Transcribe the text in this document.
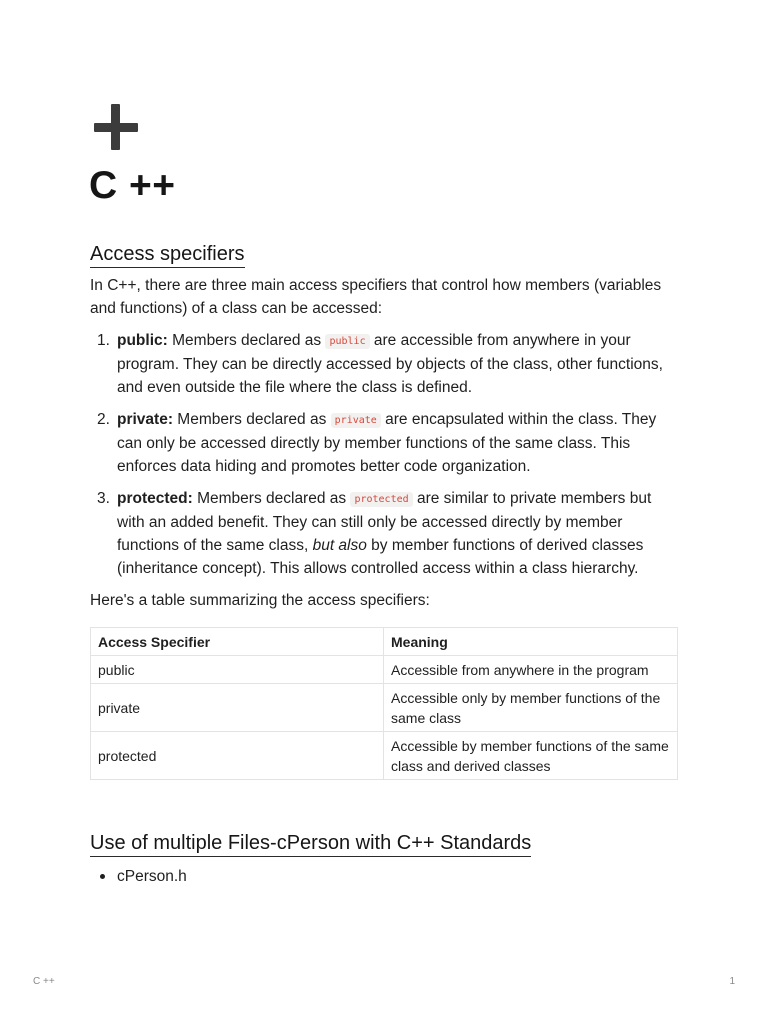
C ++
Access specifiers

In C++, there are three main access specifiers that control how members (variables and functions) of a class can be accessed:

1. public: Members declared as public are accessible from anywhere in your program. They can be directly accessed by objects of the class, other functions, and even outside the file where the class is defined.
2. private: Members declared as private are encapsulated within the class. They can only be accessed directly by member functions of the same class. This enforces data hiding and promotes better code organization.
3. protected: Members declared as protected are similar to private members but with an added benefit. They can still only be accessed directly by member functions of the same class, but also by member functions of derived classes (inheritance concept). This allows controlled access within a class hierarchy.

Here's a table summarizing the access specifiers:

Access Specifier	Meaning
public	Accessible from anywhere in the program
private	Accessible only by member functions of the same class
protected	Accessible by member functions of the same class and derived classes
Use of multiple Files-cPerson with C++ Standards
cPerson.h
C ++	1
